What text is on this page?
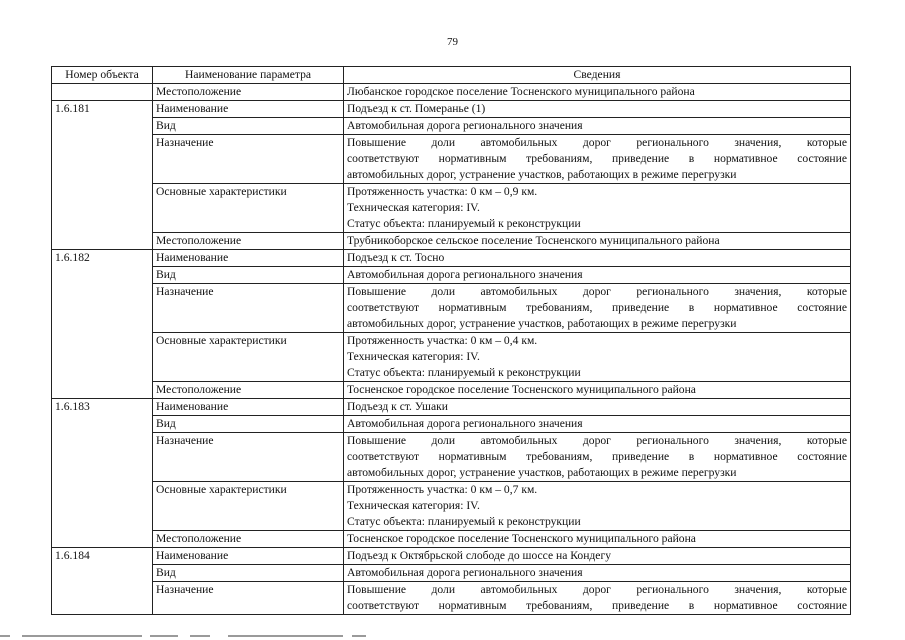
79
Номер объекта	Наименование параметра	Сведения
	Местоположение	Любанское городское поселение Тосненского муниципального района
1.6.181	Наименование	Подъезд к ст. Померанье (1)

	Вид	Автомобильная дорога регионального значения

	Назначение	Повышение доли автомобильных дорог регионального значения, которые
соответствуют нормативным требованиям, приведение в нормативное состояние
автомобильных дорог, устранение участков, работающих в режиме перегрузки

	Основные характеристики	Протяженность участка: 0 км – 0,9 км.
Техническая категория: IV.
Статус объекта: планируемый к реконструкции

	Местоположение	Трубникоборское сельское поселение Тосненского муниципального района

1.6.182	Наименование	Подъезд к ст. Тосно

	Вид	Автомобильная дорога регионального значения

	Назначение	Повышение доли автомобильных дорог регионального значения, которые
соответствуют нормативным требованиям, приведение в нормативное состояние
автомобильных дорог, устранение участков, работающих в режиме перегрузки

	Основные характеристики	Протяженность участка: 0 км – 0,4 км.
Техническая категория: IV.
Статус объекта: планируемый к реконструкции

	Местоположение	Тосненское городское поселение Тосненского муниципального района

1.6.183	Наименование	Подъезд к ст. Ушаки

	Вид	Автомобильная дорога регионального значения

	Назначение	Повышение доли автомобильных дорог регионального значения, которые
соответствуют нормативным требованиям, приведение в нормативное состояние
автомобильных дорог, устранение участков, работающих в режиме перегрузки

	Основные характеристики	Протяженность участка: 0 км – 0,7 км.
Техническая категория: IV.
Статус объекта: планируемый к реконструкции

	Местоположение	Тосненское городское поселение Тосненского муниципального района

1.6.184	Наименование	Подъезд к Октябрьской слободе до шоссе на Кондегу

	Вид	Автомобильная дорога регионального значения

	Назначение	Повышение доли автомобильных дорог регионального значения, которые
соответствуют нормативным требованиям, приведение в нормативное состояние
